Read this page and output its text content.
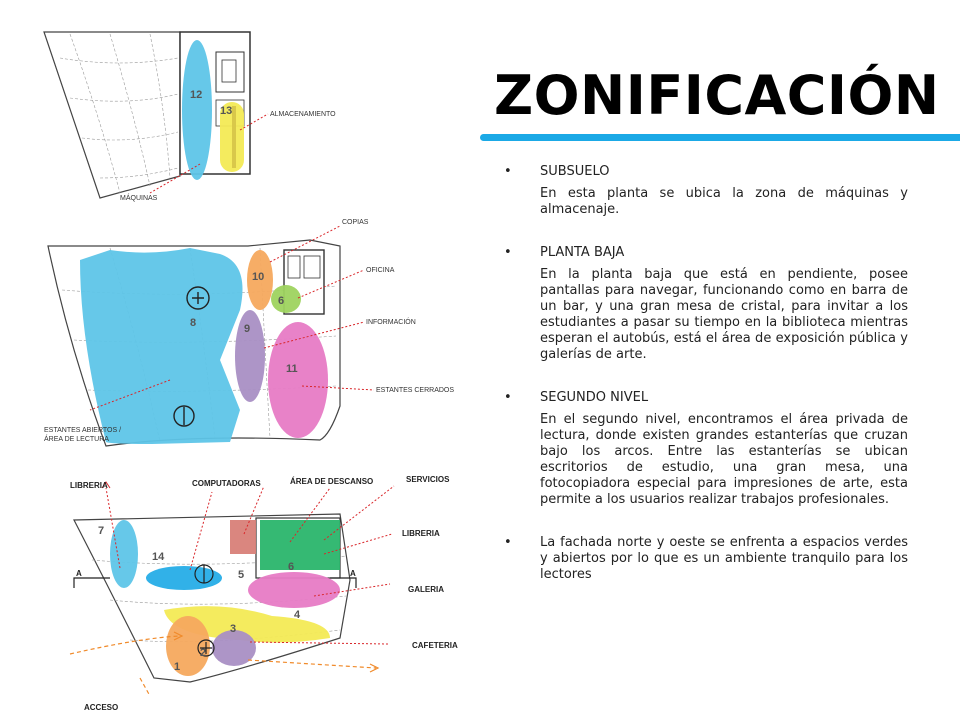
12
13	ALMACENAMIENTO
MÁQUINAS
10
6
8	9
11
COPIAS
OFICINA
INFORMACIÓN
ESTANTES CERRADOS
ESTANTES ABIERTOS /
ÁREA DE LECTURA
7
14
5
6
4
3
2
1
A	A
LIBRERIA	COMPUTADORAS	ÁREA DE DESCANSO	SERVICIOS
LIBRERIA
GALERIA
CAFETERIA
ACCESO
ZONIFICACIÓN
• SUBSUELO

En esta planta se ubica la zona de máquinas y almacenaje.

• PLANTA BAJA

En la planta baja que está en pendiente, posee pantallas para navegar, funcionando como en barra de un bar, y una gran mesa de cristal, para invitar a los estudiantes a pasar su tiempo en la biblioteca mientras esperan el autobús, está el área de exposición pública y galerías de arte.

• SEGUNDO NIVEL

En el segundo nivel, encontramos el área privada de lectura, donde existen grandes estanterías que cruzan bajo los arcos. Entre las estanterías se ubican escritorios de estudio, una gran mesa, una fotocopiadora especial para impresiones de arte, esta permite a los usuarios realizar trabajos profesionales.

• La fachada norte y oeste se enfrenta a espacios verdes y abiertos por lo que es un ambiente tranquilo para los lectores
